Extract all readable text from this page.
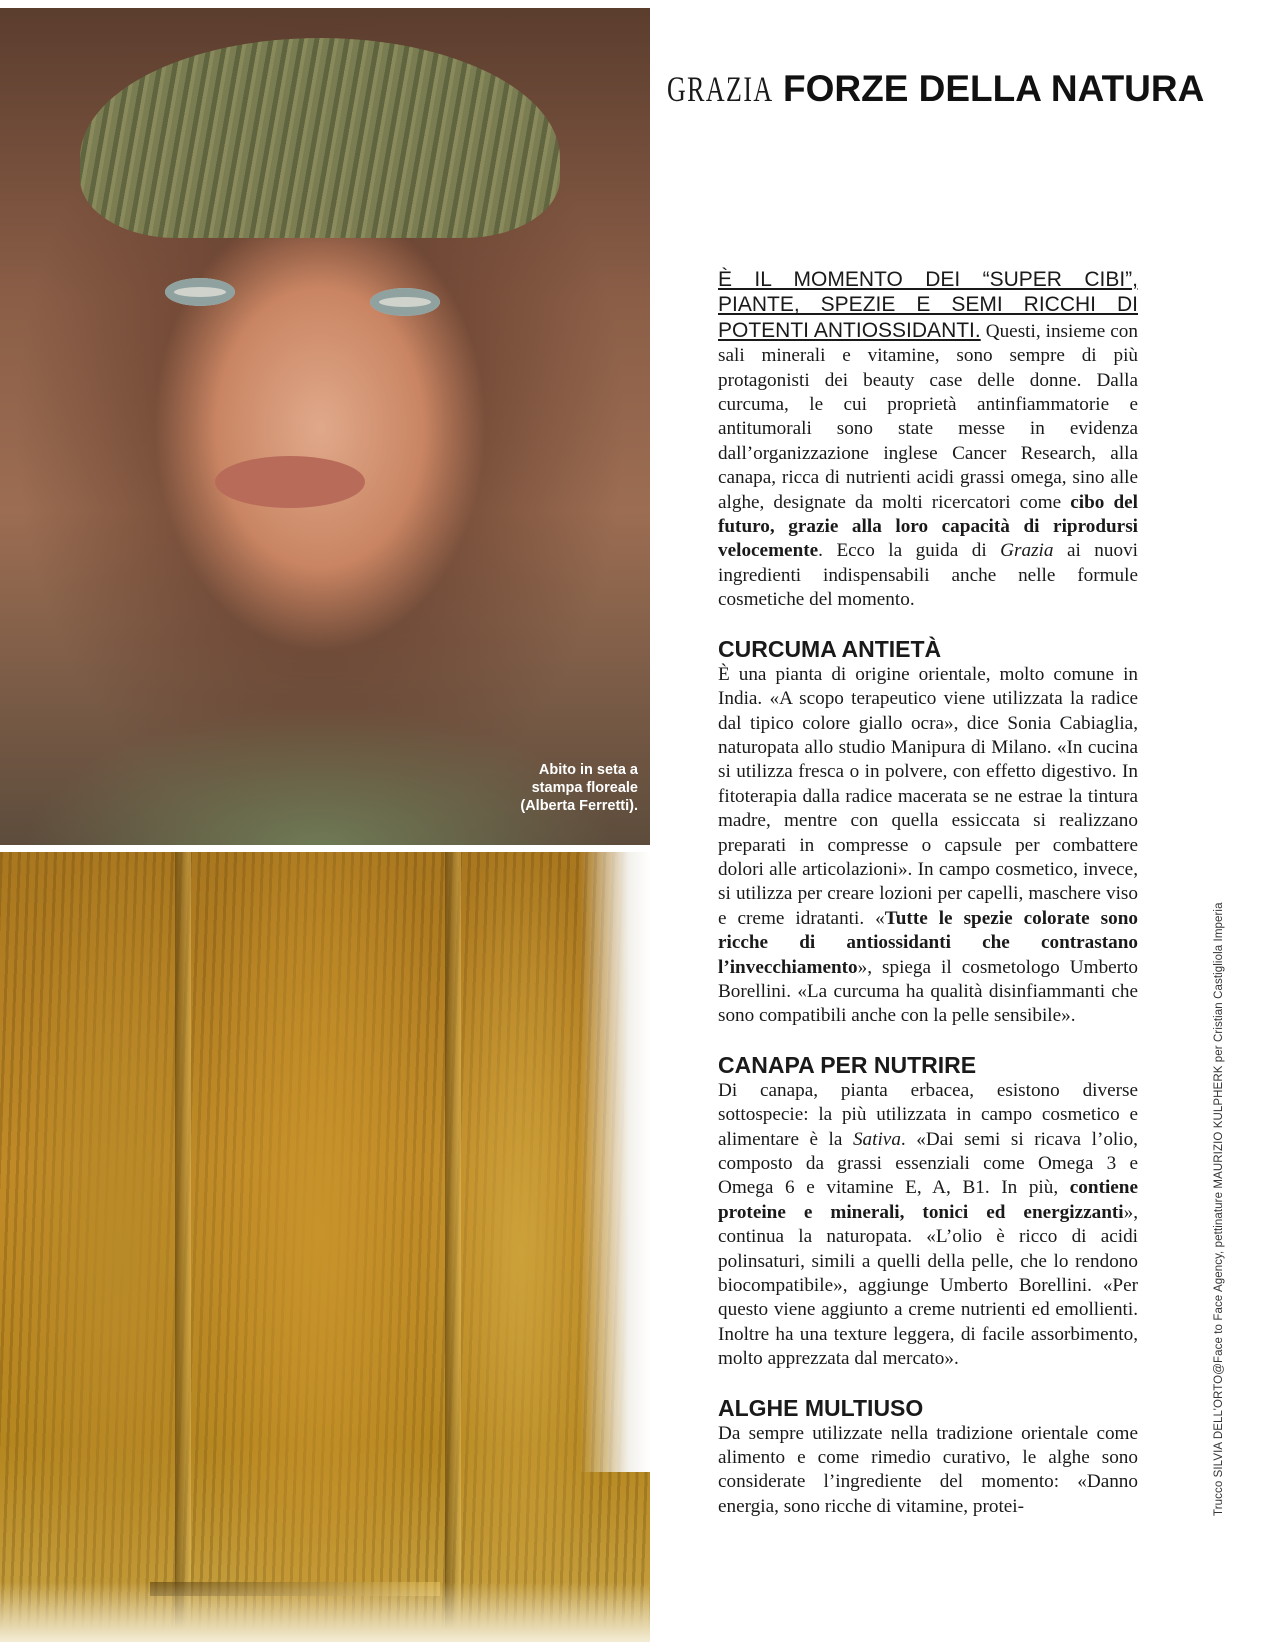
Abito in seta a
stampa floreale
(Alberta Ferretti).
GRAZIA FORZE DELLA NATURA

È IL MOMENTO DEI “SUPER CIBI”, PIANTE, SPEZIE E SEMI RICCHI DI POTENTI ANTIOSSIDANTI. Questi, insieme con sali minerali e vitamine, sono sempre di più protagonisti dei beauty case delle donne. Dalla curcuma, le cui proprietà antinfiammatorie e antitumorali sono state messe in evidenza dall’organizzazione inglese Cancer Research, alla canapa, ricca di nutrienti acidi grassi omega, sino alle alghe, designate da molti ricercatori come cibo del futuro, grazie alla loro capacità di riprodursi velocemente. Ecco la guida di Grazia ai nuovi ingredienti indispensabili anche nelle formule cosmetiche del momento.

CURCUMA ANTIETÀ

È una pianta di origine orientale, molto comune in India. «A scopo terapeutico viene utilizzata la radice dal tipico colore giallo ocra», dice Sonia Cabiaglia, naturopata allo studio Manipura di Milano. «In cucina si utilizza fresca o in polvere, con effetto digestivo. In fitoterapia dalla radice macerata se ne estrae la tintura madre, mentre con quella essiccata si realizzano preparati in compresse o capsule per combattere dolori alle articolazioni». In campo cosmetico, invece, si utilizza per creare lozioni per capelli, maschere viso e creme idratanti. «Tutte le spezie colorate sono ricche di antiossidanti che contrastano l’invecchiamento», spiega il cosmetologo Umberto Borellini. «La curcuma ha qualità disinfiammanti che sono compatibili anche con la pelle sensibile».

CANAPA PER NUTRIRE

Di canapa, pianta erbacea, esistono diverse sottospecie: la più utilizzata in campo cosmetico e alimentare è la Sativa. «Dai semi si ricava l’olio, composto da grassi essenziali come Omega 3 e Omega 6 e vitamine E, A, B1. In più, contiene proteine e minerali, tonici ed energizzanti», continua la naturopata. «L’olio è ricco di acidi polinsaturi, simili a quelli della pelle, che lo rendono biocompatibile», aggiunge Umberto Borellini. «Per questo viene aggiunto a creme nutrienti ed emollienti. Inoltre ha una texture leggera, di facile assorbimento, molto apprezzata dal mercato».

ALGHE MULTIUSO

Da sempre utilizzate nella tradizione orientale come alimento e come rimedio curativo, le alghe sono considerate l’ingrediente del momento: «Danno energia, sono ricche di vitamine, protei-	Trucco SILVIA DELL’ORTO@Face to Face Agency, pettinature MAURIZIO KULPHERK per Cristian Castigliola Imperia
